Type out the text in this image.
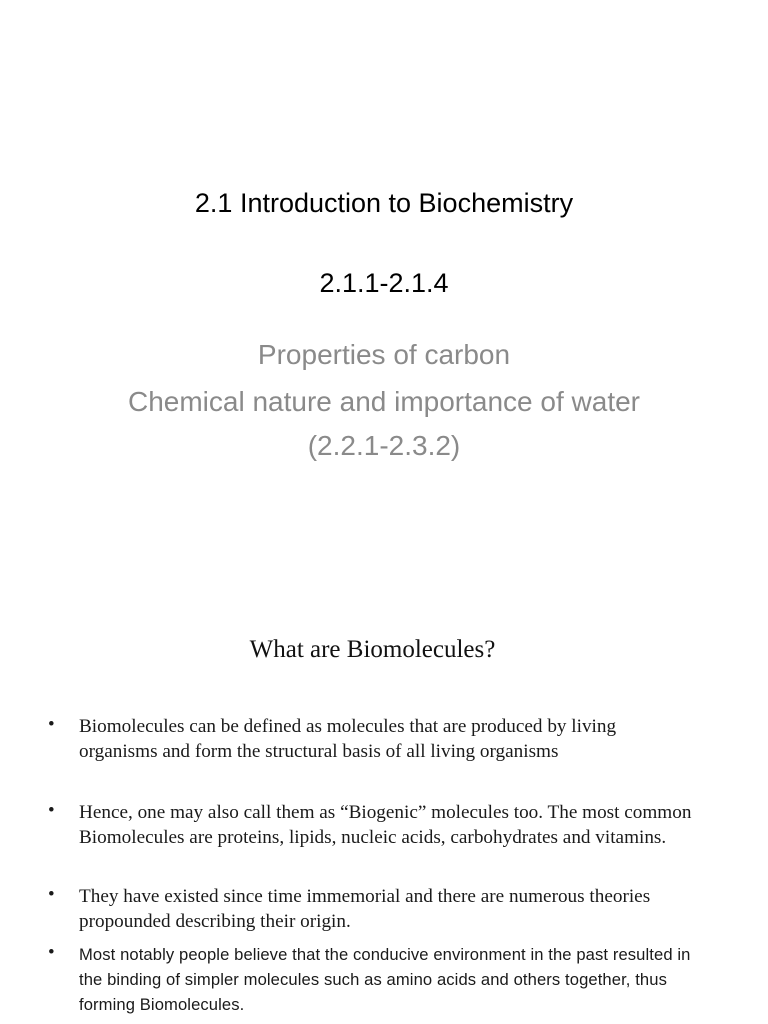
2.1 Introduction to Biochemistry
2.1.1-2.1.4
Properties of carbon
Chemical nature and importance of water (2.2.1-2.3.2)
What are Biomolecules?
• Biomolecules can be defined as molecules that are produced by living organisms and form the structural basis of all living organisms
• Hence, one may also call them as “Biogenic” molecules too. The most common Biomolecules are proteins, lipids, nucleic acids, carbohydrates and vitamins.
• They have existed since time immemorial and there are numerous theories propounded describing their origin.
• Most notably people believe that the conducive environment in the past resulted in the binding of simpler molecules such as amino acids and others together, thus forming Biomolecules.
